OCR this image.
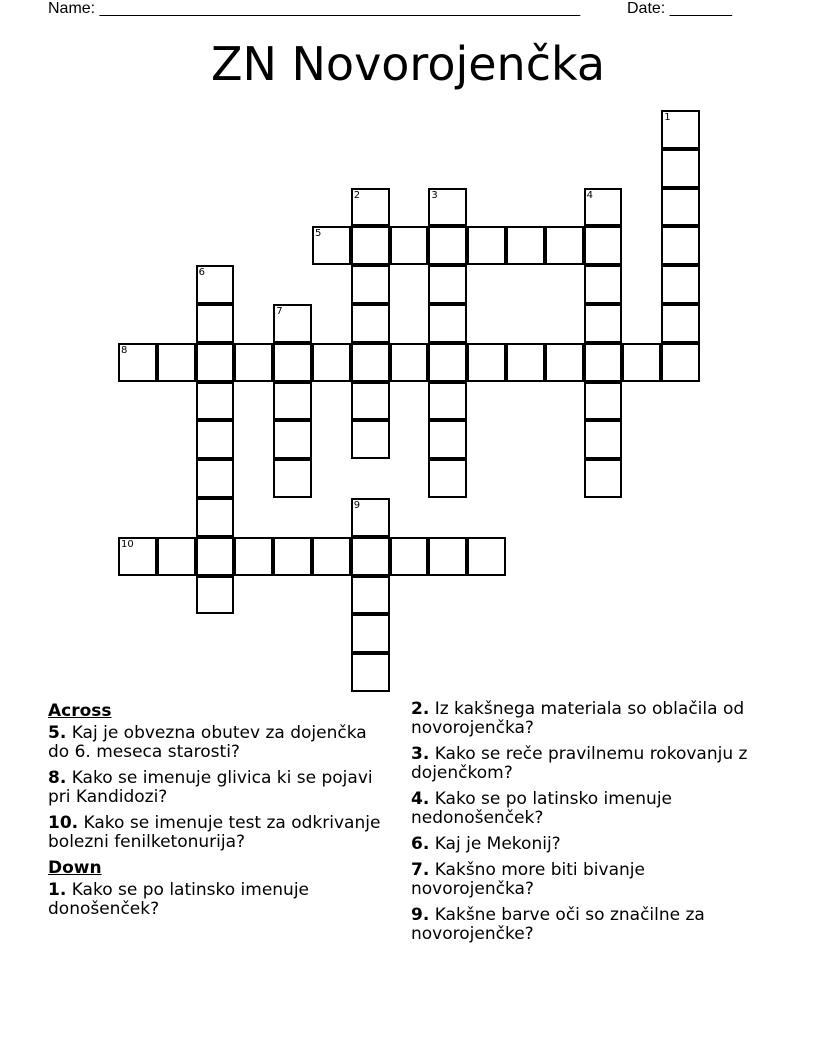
Name: ______________________________________________________	Date: _______
ZN Novorojenčka
1
2	3	4
5
6
7
8
9
10
Across
5. Kaj je obvezna obutev za dojenčka do 6. meseca starosti?
8. Kako se imenuje glivica ki se pojavi pri Kandidozi?
10. Kako se imenuje test za odkrivanje bolezni fenilketonurija?
Down
1. Kako se po latinsko imenuje donošenček?
2. Iz kakšnega materiala so oblačila od novorojenčka?
3. Kako se reče pravilnemu rokovanju z dojenčkom?
4. Kako se po latinsko imenuje nedonošenček?
6. Kaj je Mekonij?
7. Kakšno more biti bivanje novorojenčka?
9. Kakšne barve oči so značilne za novorojenčke?
